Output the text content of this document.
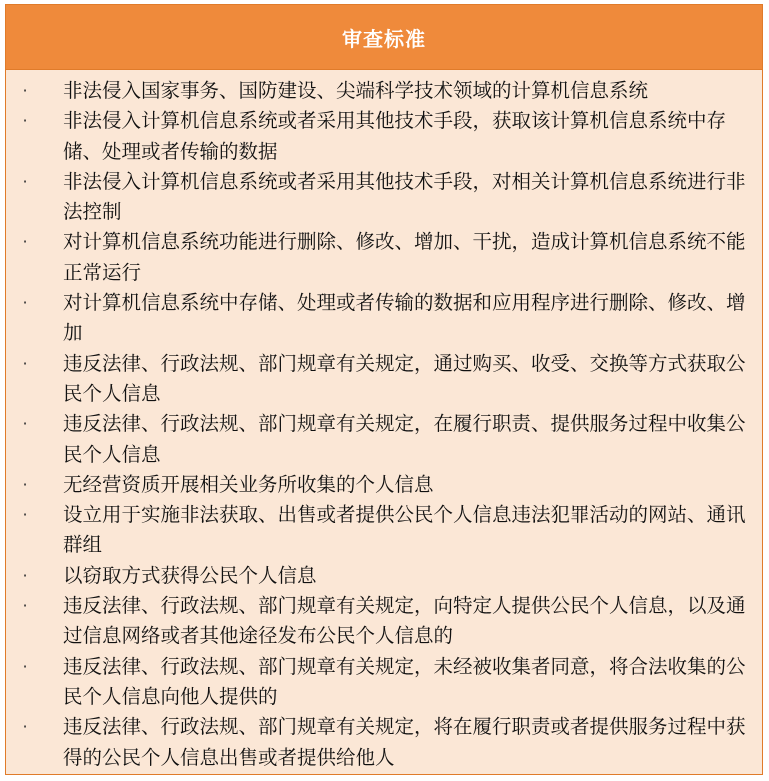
审查标准
· 非法侵入国家事务、国防建设、尖端科学技术领域的计算机信息系统
· 非法侵入计算机信息系统或者采用其他技术手段，获取该计算机信息系统中存储、处理或者传输的数据
· 非法侵入计算机信息系统或者采用其他技术手段，对相关计算机信息系统进行非法控制
· 对计算机信息系统功能进行删除、修改、增加、干扰，造成计算机信息系统不能正常运行
· 对计算机信息系统中存储、处理或者传输的数据和应用程序进行删除、修改、增加
· 违反法律、行政法规、部门规章有关规定，通过购买、收受、交换等方式获取公民个人信息
· 违反法律、行政法规、部门规章有关规定，在履行职责、提供服务过程中收集公民个人信息
· 无经营资质开展相关业务所收集的个人信息
· 设立用于实施非法获取、出售或者提供公民个人信息违法犯罪活动的网站、通讯群组
· 以窃取方式获得公民个人信息
· 违反法律、行政法规、部门规章有关规定，向特定人提供公民个人信息，以及通过信息网络或者其他途径发布公民个人信息的
· 违反法律、行政法规、部门规章有关规定，未经被收集者同意，将合法收集的公民个人信息向他人提供的
· 违反法律、行政法规、部门规章有关规定，将在履行职责或者提供服务过程中获得的公民个人信息出售或者提供给他人
